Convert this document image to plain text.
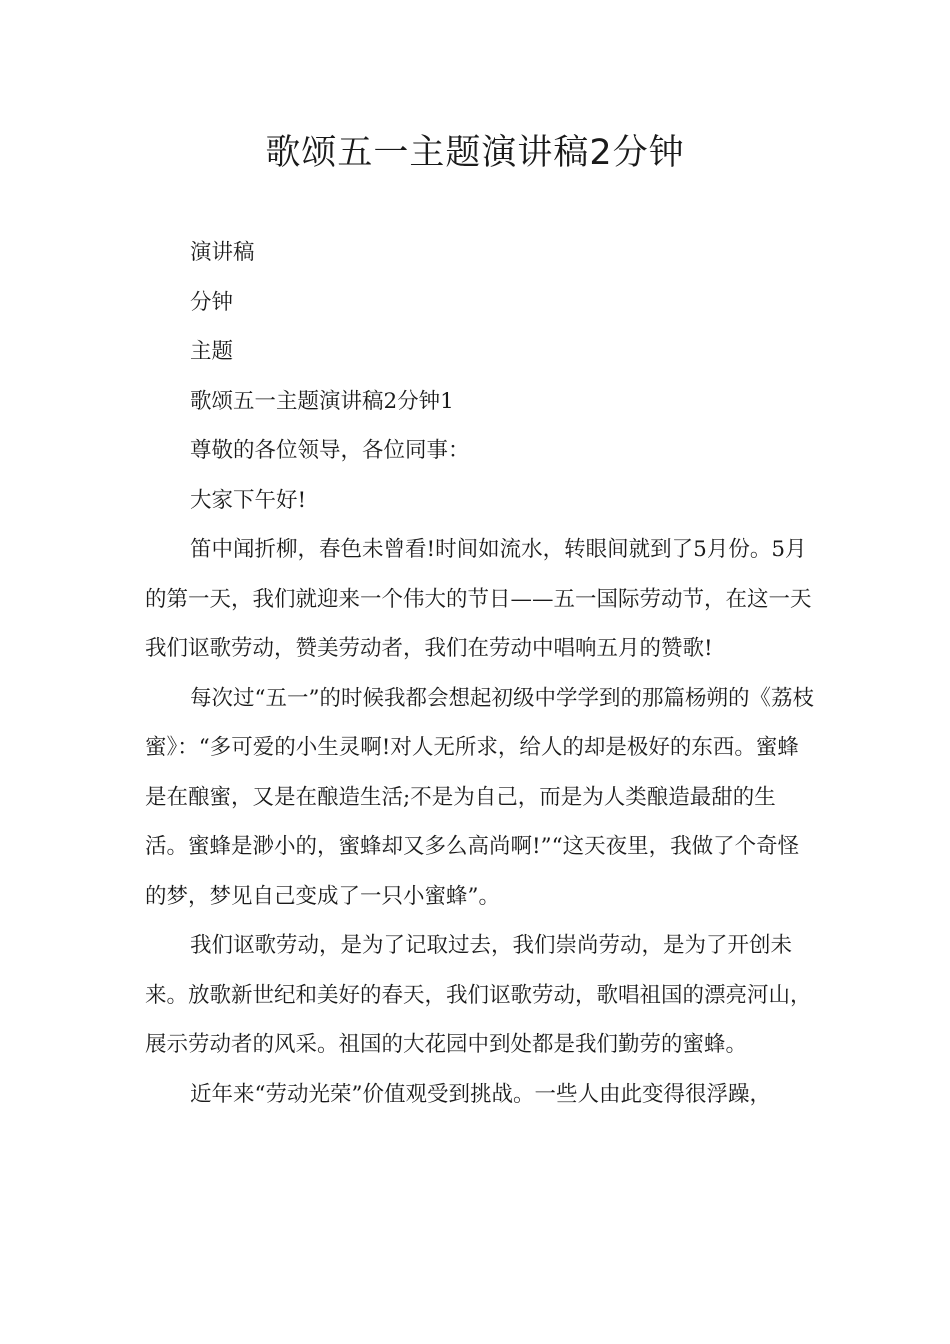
歌颂五一主题演讲稿2分钟

演讲稿

分钟

主题

歌颂五一主题演讲稿2分钟1

尊敬的各位领导，各位同事：

大家下午好!

笛中闻折柳，春色未曾看!时间如流水，转眼间就到了5月份。5月的第一天，我们就迎来一个伟大的节日——五一国际劳动节，在这一天我们讴歌劳动，赞美劳动者，我们在劳动中唱响五月的赞歌!

每次过“五一”的时候我都会想起初级中学学到的那篇杨朔的《荔枝蜜》：“多可爱的小生灵啊!对人无所求，给人的却是极好的东西。蜜蜂是在酿蜜，又是在酿造生活;不是为自己，而是为人类酿造最甜的生活。蜜蜂是渺小的，蜜蜂却又多么高尚啊!”“这天夜里，我做了个奇怪的梦，梦见自己变成了一只小蜜蜂”。

我们讴歌劳动，是为了记取过去，我们崇尚劳动，是为了开创未来。放歌新世纪和美好的春天，我们讴歌劳动，歌唱祖国的漂亮河山，展示劳动者的风采。祖国的大花园中到处都是我们勤劳的蜜蜂。

近年来“劳动光荣”价值观受到挑战。一些人由此变得很浮躁，
